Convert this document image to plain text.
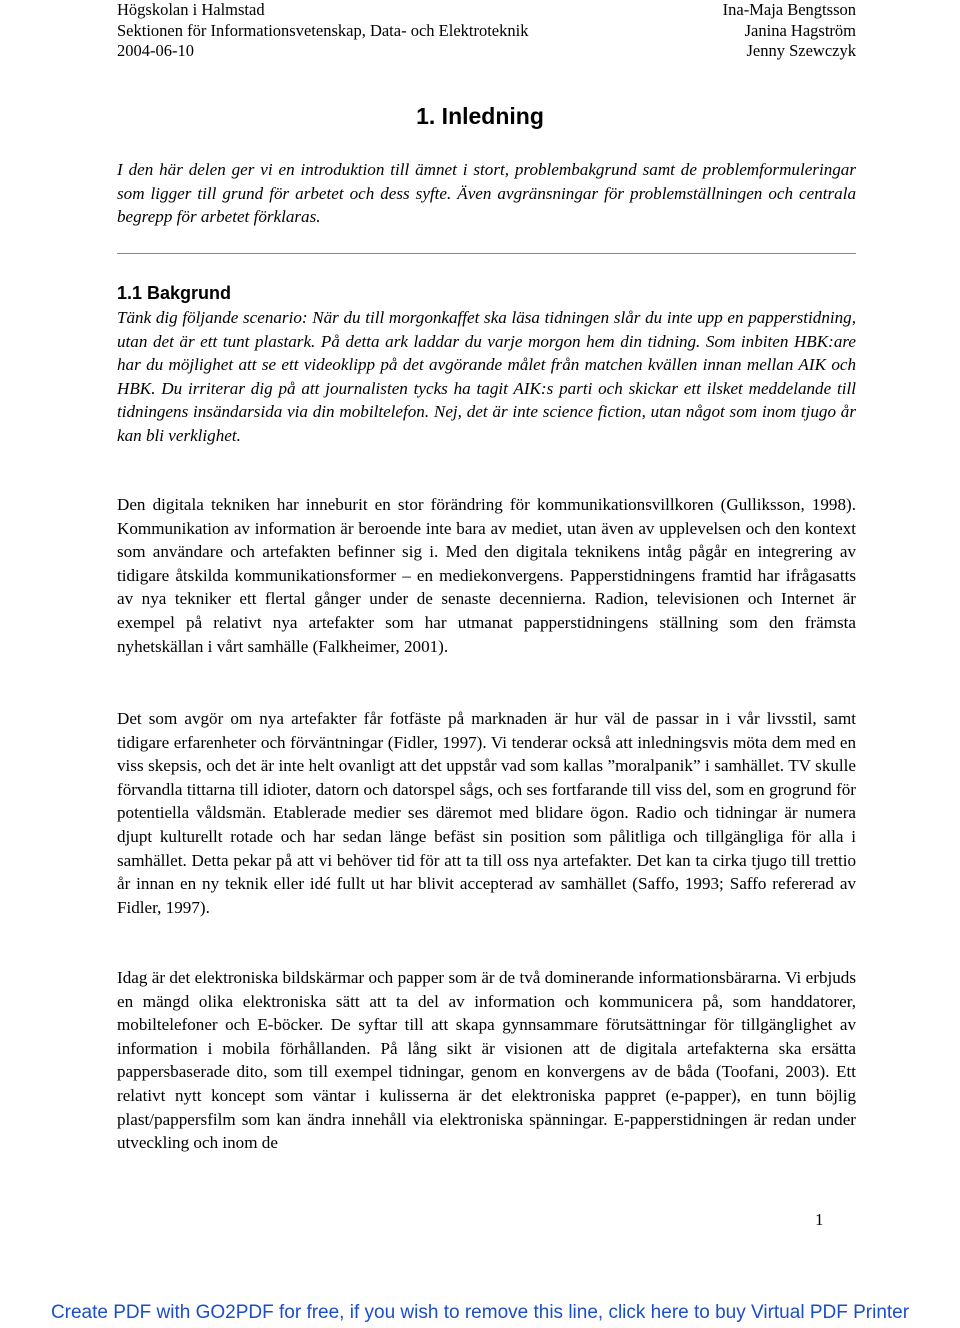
Högskolan i Halmstad
Sektionen för Informationsvetenskap, Data- och Elektroteknik
2004-06-10
Ina-Maja Bengtsson
Janina Hagström
Jenny Szewczyk
1. Inledning
I den här delen ger vi en introduktion till ämnet i stort, problembakgrund samt de problemformuleringar som ligger till grund för arbetet och dess syfte. Även avgränsningar för problemställningen och centrala begrepp för arbetet förklaras.
1.1 Bakgrund
Tänk dig följande scenario: När du till morgonkaffet ska läsa tidningen slår du inte upp en papperstidning, utan det är ett tunt plastark. På detta ark laddar du varje morgon hem din tidning. Som inbiten HBK:are har du möjlighet att se ett videoklipp på det avgörande målet från matchen kvällen innan mellan AIK och HBK. Du irriterar dig på att journalisten tycks ha tagit AIK:s parti och skickar ett ilsket meddelande till tidningens insändarsida via din mobiltelefon. Nej, det är inte science fiction, utan något som inom tjugo år kan bli verklighet.
Den digitala tekniken har inneburit en stor förändring för kommunikationsvillkoren (Gulliksson, 1998). Kommunikation av information är beroende inte bara av mediet, utan även av upplevelsen och den kontext som användare och artefakten befinner sig i. Med den digitala teknikens intåg pågår en integrering av tidigare åtskilda kommunikationsformer – en mediekonvergens. Papperstidningens framtid har ifrågasatts av nya tekniker ett flertal gånger under de senaste decennierna. Radion, televisionen och Internet är exempel på relativt nya artefakter som har utmanat papperstidningens ställning som den främsta nyhetskällan i vårt samhälle (Falkheimer, 2001).
Det som avgör om nya artefakter får fotfäste på marknaden är hur väl de passar in i vår livsstil, samt tidigare erfarenheter och förväntningar (Fidler, 1997). Vi tenderar också att inledningsvis möta dem med en viss skepsis, och det är inte helt ovanligt att det uppstår vad som kallas ”moralpanik” i samhället. TV skulle förvandla tittarna till idioter, datorn och datorspel sågs, och ses fortfarande till viss del, som en grogrund för potentiella våldsmän. Etablerade medier ses däremot med blidare ögon. Radio och tidningar är numera djupt kulturellt rotade och har sedan länge befäst sin position som pålitliga och tillgängliga för alla i samhället. Detta pekar på att vi behöver tid för att ta till oss nya artefakter. Det kan ta cirka tjugo till trettio år innan en ny teknik eller idé fullt ut har blivit accepterad av samhället (Saffo, 1993; Saffo refererad av Fidler, 1997).
Idag är det elektroniska bildskärmar och papper som är de två dominerande informationsbärarna. Vi erbjuds en mängd olika elektroniska sätt att ta del av information och kommunicera på, som handdatorer, mobiltelefoner och E-böcker. De syftar till att skapa gynnsammare förutsättningar för tillgänglighet av information i mobila förhållanden. På lång sikt är visionen att de digitala artefakterna ska ersätta pappersbaserade dito, som till exempel tidningar, genom en konvergens av de båda (Toofani, 2003). Ett relativt nytt koncept som väntar i kulisserna är det elektroniska pappret (e-papper), en tunn böjlig plast/pappersfilm som kan ändra innehåll via elektroniska spänningar. E-papperstidningen är redan under utveckling och inom de
1
Create PDF with GO2PDF for free, if you wish to remove this line, click here to buy Virtual PDF Printer
